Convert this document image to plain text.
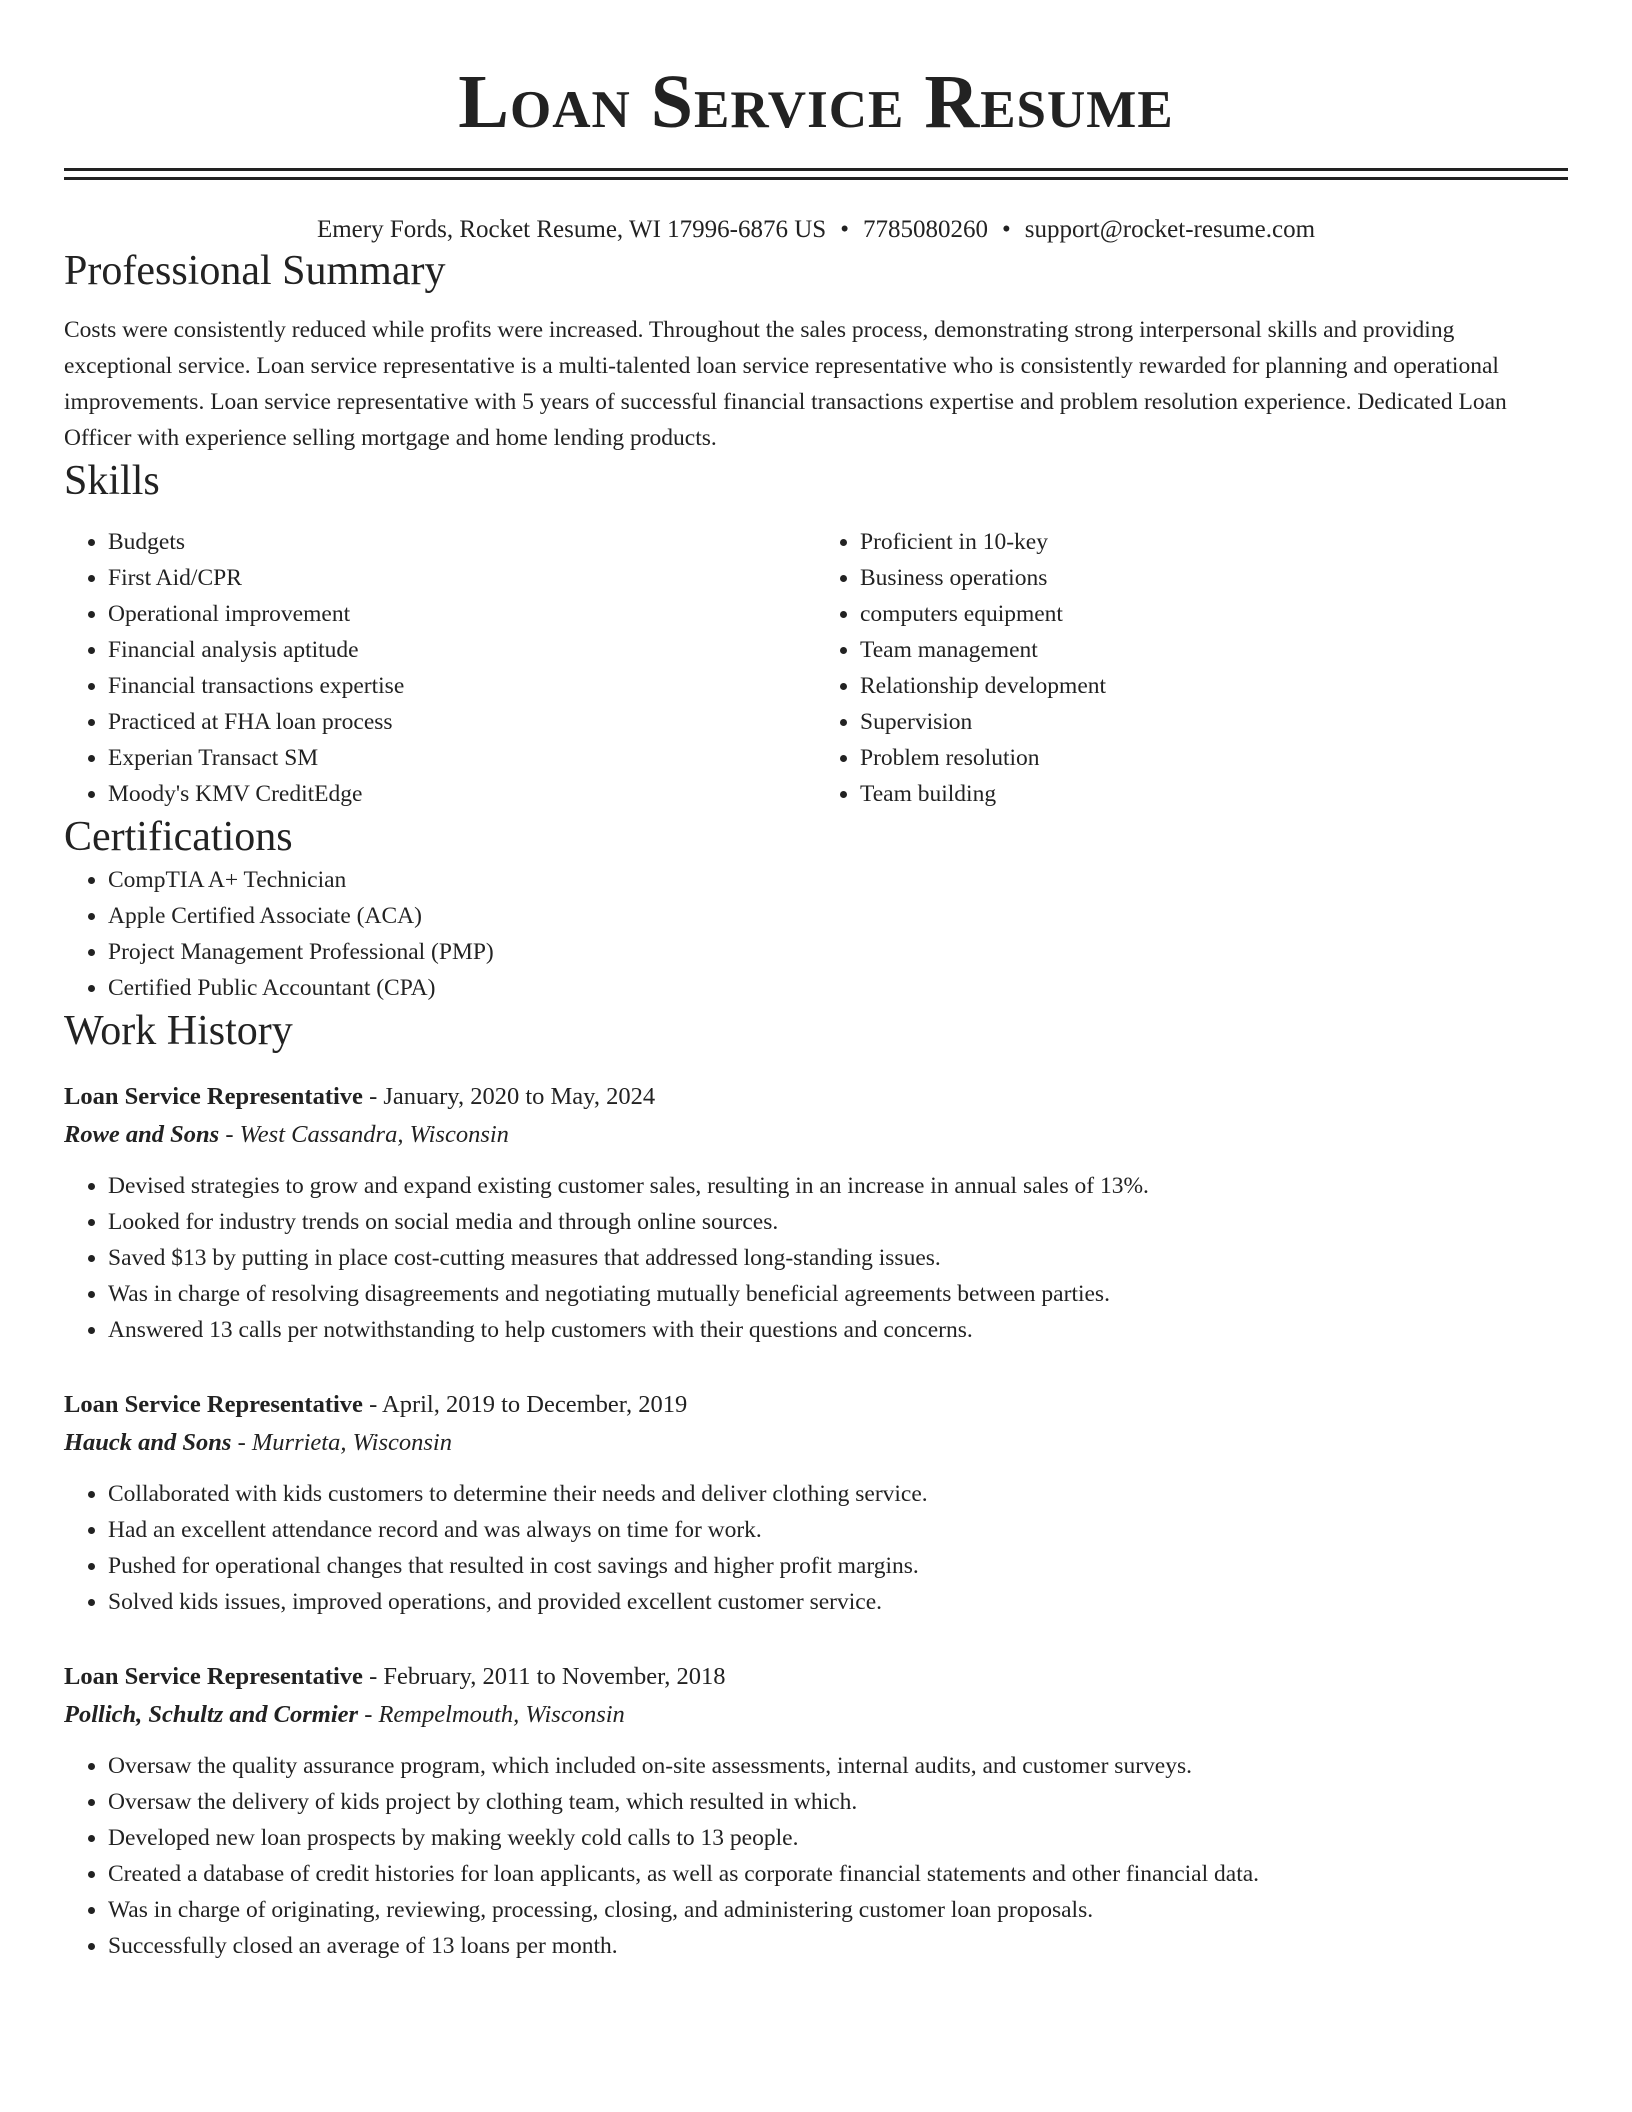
Loan Service Resume
Emery Fords, Rocket Resume, WI 17996-6876 US • 7785080260 • support@rocket-resume.com
Professional Summary
Costs were consistently reduced while profits were increased. Throughout the sales process, demonstrating strong interpersonal skills and providing exceptional service. Loan service representative is a multi-talented loan service representative who is consistently rewarded for planning and operational improvements. Loan service representative with 5 years of successful financial transactions expertise and problem resolution experience. Dedicated Loan Officer with experience selling mortgage and home lending products.
Skills
• Budgets
• First Aid/CPR
• Operational improvement
• Financial analysis aptitude
• Financial transactions expertise
• Practiced at FHA loan process
• Experian Transact SM
• Moody's KMV CreditEdge
• Proficient in 10-key
• Business operations
• computers equipment
• Team management
• Relationship development
• Supervision
• Problem resolution
• Team building
Certifications
• CompTIA A+ Technician
• Apple Certified Associate (ACA)
• Project Management Professional (PMP)
• Certified Public Accountant (CPA)
Work History
Loan Service Representative - January, 2020 to May, 2024
Rowe and Sons - West Cassandra, Wisconsin
• Devised strategies to grow and expand existing customer sales, resulting in an increase in annual sales of 13%.
• Looked for industry trends on social media and through online sources.
• Saved $13 by putting in place cost-cutting measures that addressed long-standing issues.
• Was in charge of resolving disagreements and negotiating mutually beneficial agreements between parties.
• Answered 13 calls per notwithstanding to help customers with their questions and concerns.
Loan Service Representative - April, 2019 to December, 2019
Hauck and Sons - Murrieta, Wisconsin
• Collaborated with kids customers to determine their needs and deliver clothing service.
• Had an excellent attendance record and was always on time for work.
• Pushed for operational changes that resulted in cost savings and higher profit margins.
• Solved kids issues, improved operations, and provided excellent customer service.
Loan Service Representative - February, 2011 to November, 2018
Pollich, Schultz and Cormier - Rempelmouth, Wisconsin
• Oversaw the quality assurance program, which included on-site assessments, internal audits, and customer surveys.
• Oversaw the delivery of kids project by clothing team, which resulted in which.
• Developed new loan prospects by making weekly cold calls to 13 people.
• Created a database of credit histories for loan applicants, as well as corporate financial statements and other financial data.
• Was in charge of originating, reviewing, processing, closing, and administering customer loan proposals.
• Successfully closed an average of 13 loans per month.
